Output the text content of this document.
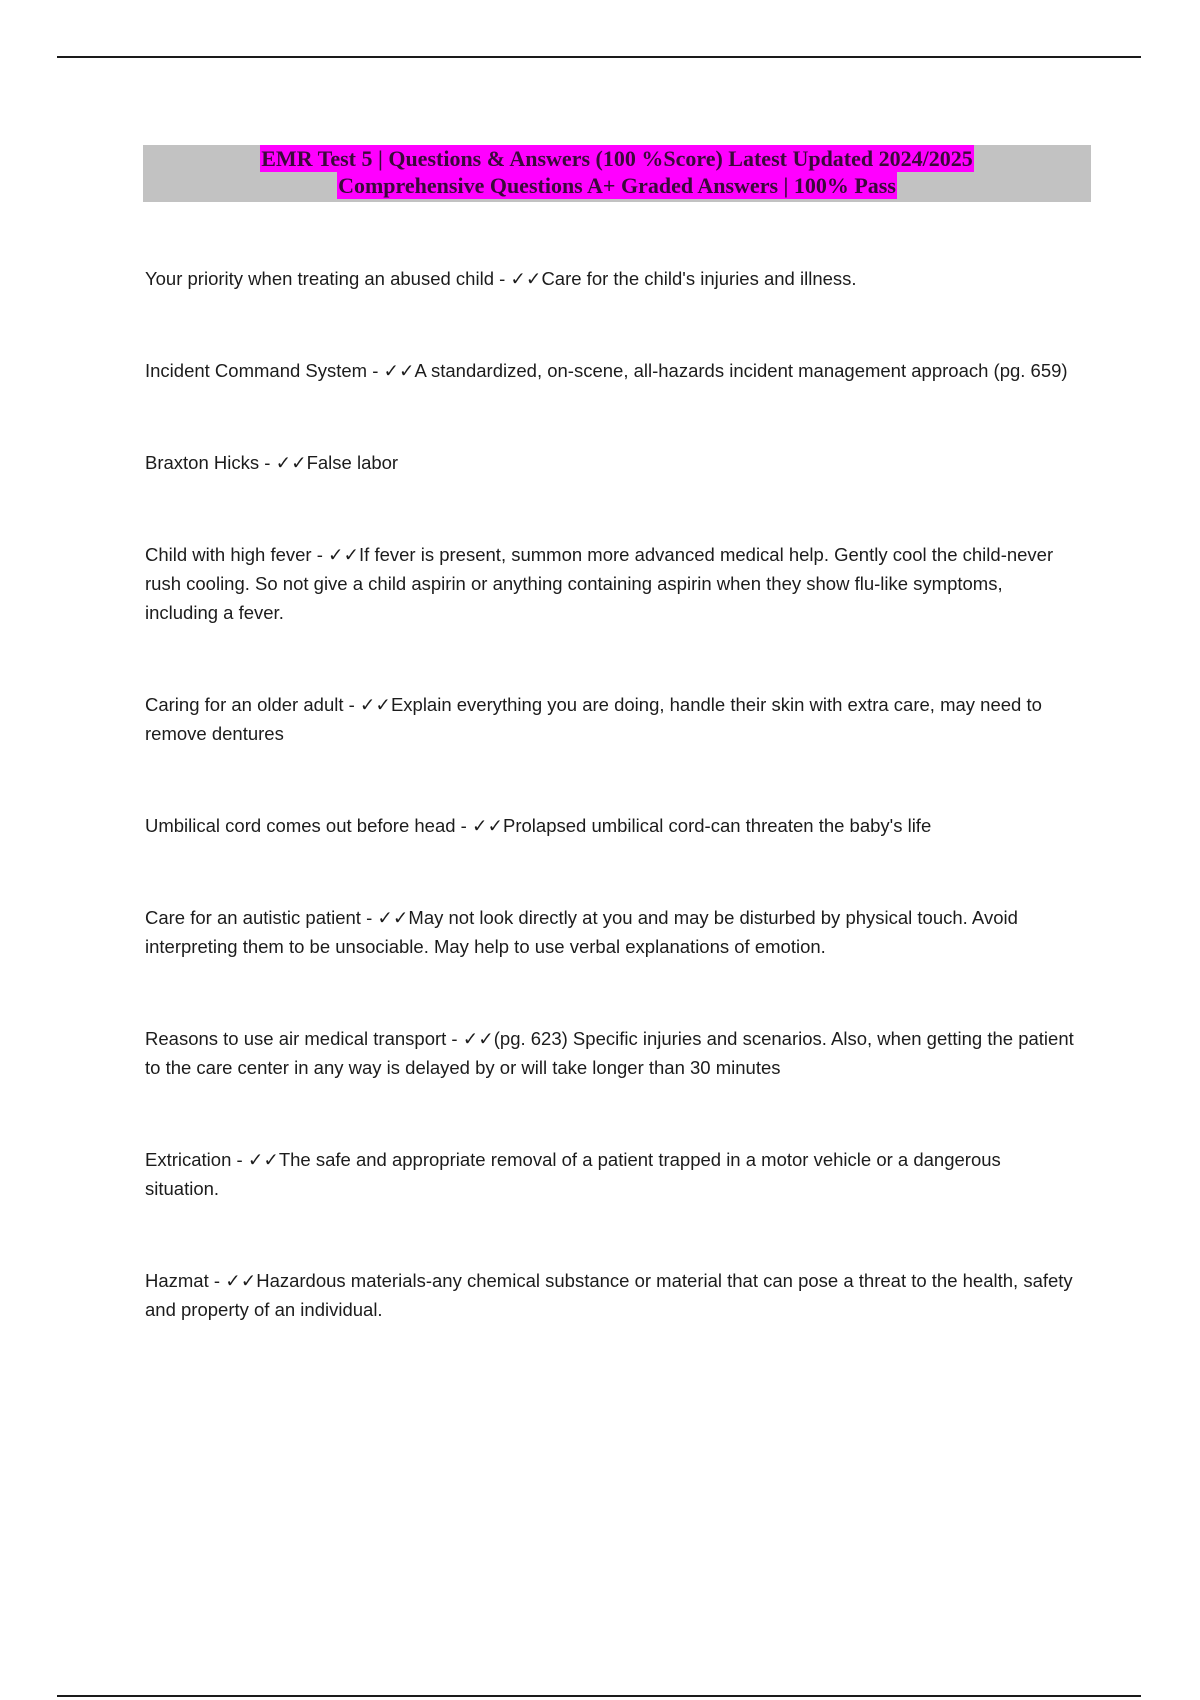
EMR Test 5 | Questions & Answers (100 %Score) Latest Updated 2024/2025
Comprehensive Questions A+ Graded Answers | 100% Pass
Your priority when treating an abused child - ✓✓Care for the child's injuries and illness.
Incident Command System - ✓✓A standardized, on-scene, all-hazards incident management approach (pg. 659)
Braxton Hicks - ✓✓False labor
Child with high fever - ✓✓If fever is present, summon more advanced medical help. Gently cool the child-never rush cooling. So not give a child aspirin or anything containing aspirin when they show flu-like symptoms, including a fever.
Caring for an older adult - ✓✓Explain everything you are doing, handle their skin with extra care, may need to remove dentures
Umbilical cord comes out before head - ✓✓Prolapsed umbilical cord-can threaten the baby's life
Care for an autistic patient - ✓✓May not look directly at you and may be disturbed by physical touch. Avoid interpreting them to be unsociable. May help to use verbal explanations of emotion.
Reasons to use air medical transport - ✓✓(pg. 623) Specific injuries and scenarios. Also, when getting the patient to the care center in any way is delayed by or will take longer than 30 minutes
Extrication - ✓✓The safe and appropriate removal of a patient trapped in a motor vehicle or a dangerous situation.
Hazmat - ✓✓Hazardous materials-any chemical substance or material that can pose a threat to the health, safety and property of an individual.
